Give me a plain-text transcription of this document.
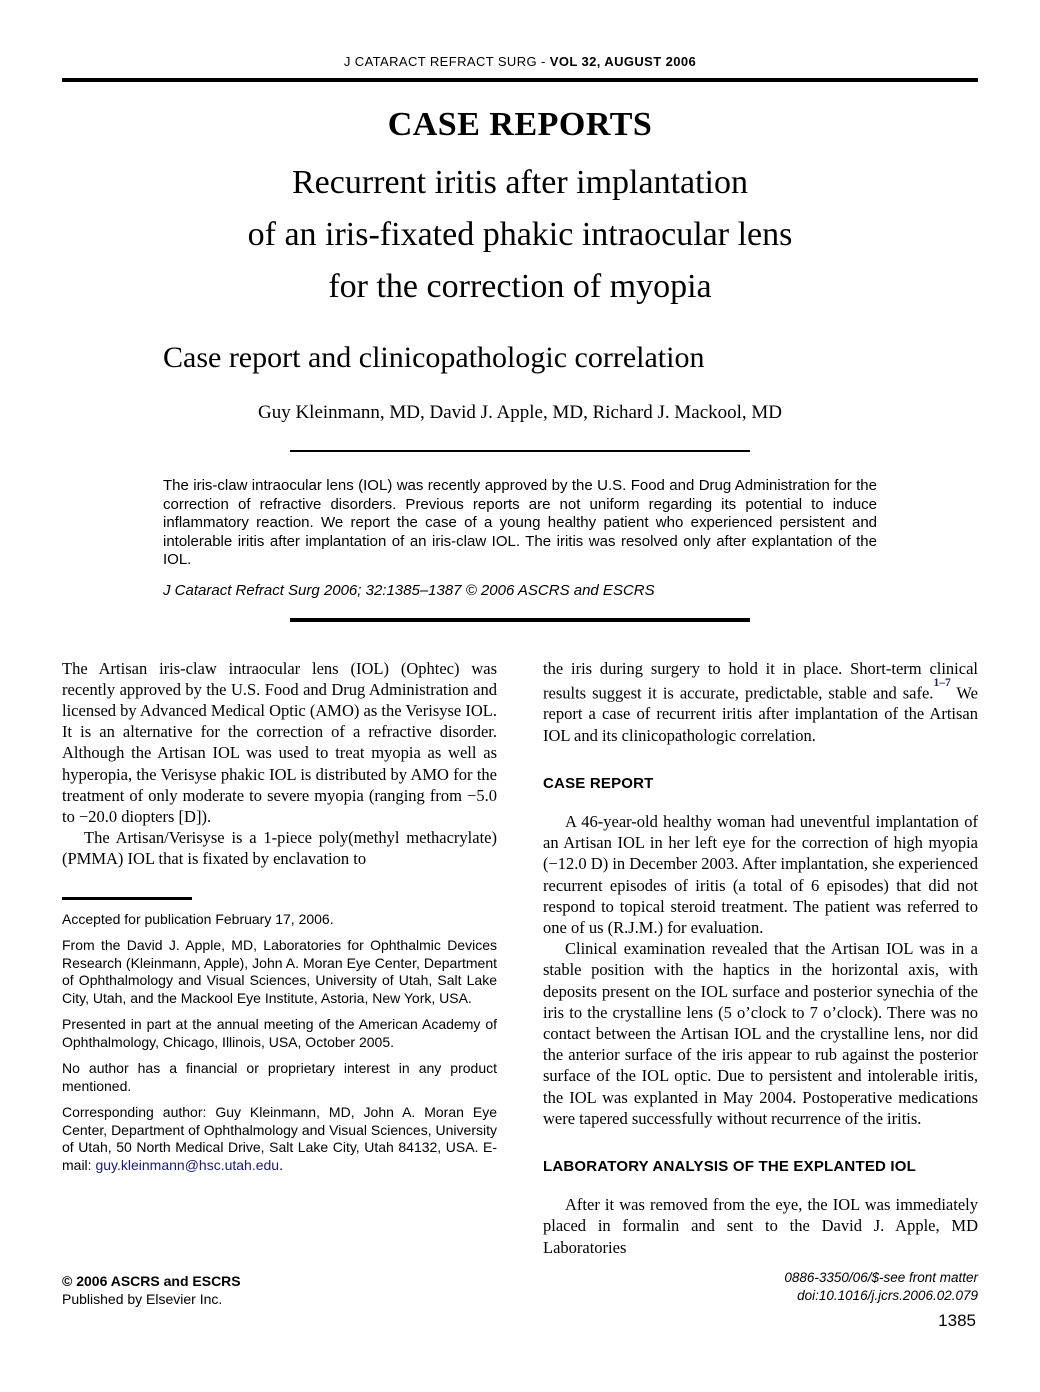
J CATARACT REFRACT SURG - VOL 32, AUGUST 2006
CASE REPORTS
Recurrent iritis after implantation
of an iris-fixated phakic intraocular lens
for the correction of myopia
Case report and clinicopathologic correlation
Guy Kleinmann, MD, David J. Apple, MD, Richard J. Mackool, MD
The iris-claw intraocular lens (IOL) was recently approved by the U.S. Food and Drug Administration for the correction of refractive disorders. Previous reports are not uniform regarding its potential to induce inflammatory reaction. We report the case of a young healthy patient who experienced persistent and intolerable iritis after implantation of an iris-claw IOL. The iritis was resolved only after explantation of the IOL.
J Cataract Refract Surg 2006; 32:1385–1387 © 2006 ASCRS and ESCRS

The Artisan iris-claw intraocular lens (IOL) (Ophtec) was recently approved by the U.S. Food and Drug Administration and licensed by Advanced Medical Optic (AMO) as the Verisyse IOL. It is an alternative for the correction of a refractive disorder. Although the Artisan IOL was used to treat myopia as well as hyperopia, the Verisyse phakic IOL is distributed by AMO for the treatment of only moderate to severe myopia (ranging from −5.0 to −20.0 diopters [D]).

The Artisan/Verisyse is a 1-piece poly(methyl methacrylate) (PMMA) IOL that is fixated by enclavation to

Accepted for publication February 17, 2006.

From the David J. Apple, MD, Laboratories for Ophthalmic Devices Research (Kleinmann, Apple), John A. Moran Eye Center, Department of Ophthalmology and Visual Sciences, University of Utah, Salt Lake City, Utah, and the Mackool Eye Institute, Astoria, New York, USA.

Presented in part at the annual meeting of the American Academy of Ophthalmology, Chicago, Illinois, USA, October 2005.

No author has a financial or proprietary interest in any product mentioned.

Corresponding author: Guy Kleinmann, MD, John A. Moran Eye Center, Department of Ophthalmology and Visual Sciences, University of Utah, 50 North Medical Drive, Salt Lake City, Utah 84132, USA. E-mail: guy.kleinmann@hsc.utah.edu.

the iris during surgery to hold it in place. Short-term clinical results suggest it is accurate, predictable, stable and safe.$^{1-7}$ We report a case of recurrent iritis after implantation of the Artisan IOL and its clinicopathologic correlation.

CASE REPORT

A 46-year-old healthy woman had uneventful implantation of an Artisan IOL in her left eye for the correction of high myopia (−12.0 D) in December 2003. After implantation, she experienced recurrent episodes of iritis (a total of 6 episodes) that did not respond to topical steroid treatment. The patient was referred to one of us (R.J.M.) for evaluation.

Clinical examination revealed that the Artisan IOL was in a stable position with the haptics in the horizontal axis, with deposits present on the IOL surface and posterior synechia of the iris to the crystalline lens (5 o’clock to 7 o’clock). There was no contact between the Artisan IOL and the crystalline lens, nor did the anterior surface of the iris appear to rub against the posterior surface of the IOL optic. Due to persistent and intolerable iritis, the IOL was explanted in May 2004. Postoperative medications were tapered successfully without recurrence of the iritis.

LABORATORY ANALYSIS OF THE EXPLANTED IOL

After it was removed from the eye, the IOL was immediately placed in formalin and sent to the David J. Apple, MD Laboratories

© 2006 ASCRS and ESCRS
Published by Elsevier Inc.
0886-3350/06/$-see front matter
doi:10.1016/j.jcrs.2006.02.079
1385
